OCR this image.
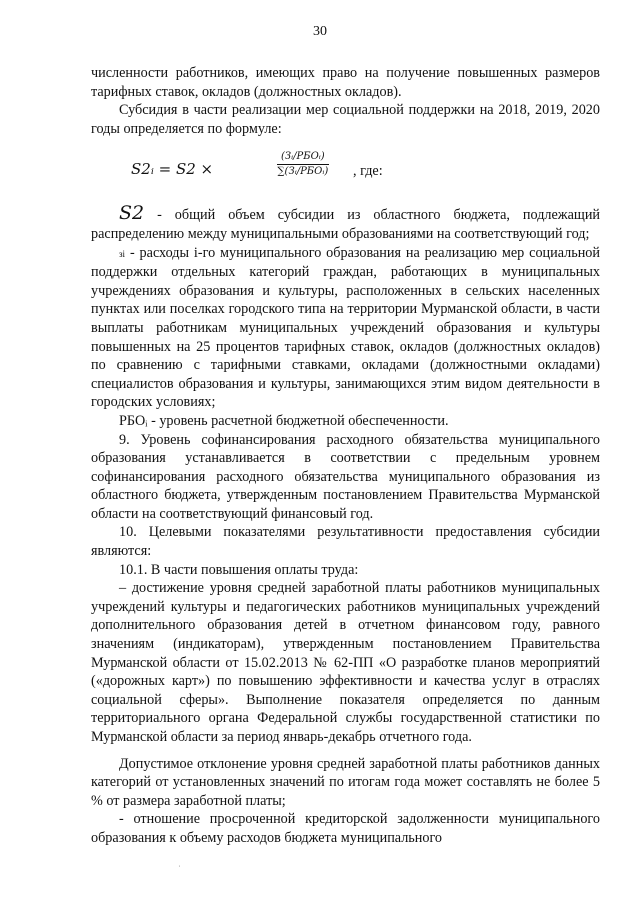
30

численности работников, имеющих право на получение повышенных размеров тарифных ставок, окладов (должностных окладов).

Субсидия в части реализации мер социальной поддержки на 2018, 2019, 2020 годы определяется по формуле:

S2ᵢ = S2 ×
(Зᵢ/РБОᵢ)
∑(Зᵢ/РБОᵢ) , где:

S2 - общий объем субсидии из областного бюджета, подлежащий распределению между муниципальными образованиями на соответствующий год;

зi - расходы i-го муниципального образования на реализацию мер социальной поддержки отдельных категорий граждан, работающих в муниципальных учреждениях образования и культуры, расположенных в сельских населенных пунктах или поселках городского типа на территории Мурманской области, в части выплаты работникам муниципальных учреждений образования и культуры повышенных на 25 процентов тарифных ставок, окладов (должностных окладов) по сравнению с тарифными ставками, окладами (должностными окладами) специалистов образования и культуры, занимающихся этим видом деятельности в городских условиях;

РБОᵢ - уровень расчетной бюджетной обеспеченности.

9. Уровень софинансирования расходного обязательства муниципального образования устанавливается в соответствии с предельным уровнем софинансирования расходного обязательства муниципального образования из областного бюджета, утвержденным постановлением Правительства Мурманской области на соответствующий финансовый год.

10. Целевыми показателями результативности предоставления субсидии являются:

10.1. В части повышения оплаты труда:

– достижение уровня средней заработной платы работников муниципальных учреждений культуры и педагогических работников муниципальных учреждений дополнительного образования детей в отчетном финансовом году, равного значениям (индикаторам), утвержденным постановлением Правительства Мурманской области от 15.02.2013 № 62-ПП «О разработке планов мероприятий («дорожных карт») по повышению эффективности и качества услуг в отраслях социальной сферы». Выполнение показателя определяется по данным территориального органа Федеральной службы государственной статистики по Мурманской области за период январь-декабрь отчетного года.

Допустимое отклонение уровня средней заработной платы работников данных категорий от установленных значений по итогам года может составлять не более 5 % от размера заработной платы;

- отношение просроченной кредиторской задолженности муниципального образования к объему расходов бюджета муниципального

˙
